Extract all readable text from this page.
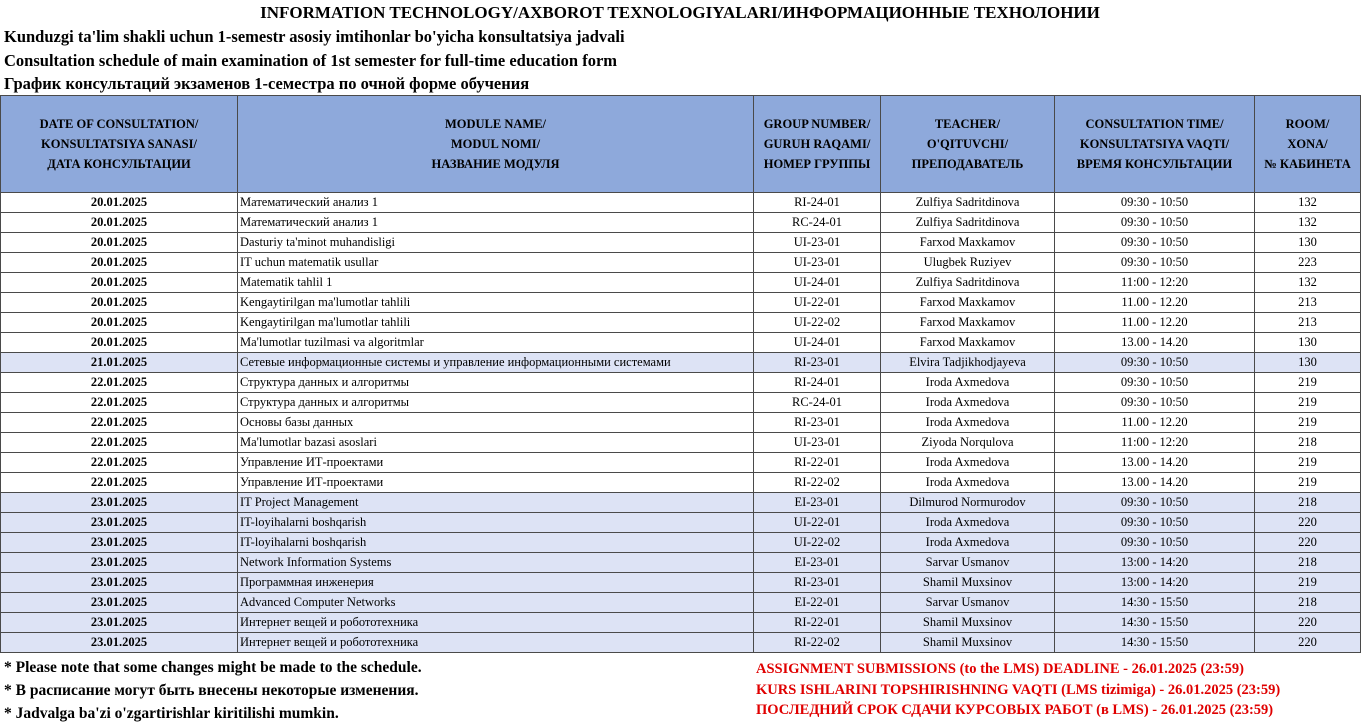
INFORMATION TECHNOLOGY/AXBOROT TEXNOLOGIYALARI/ИНФОРМАЦИОННЫЕ ТЕХНОЛОНИИ
Kunduzgi ta'lim shakli uchun 1-semestr asosiy imtihonlar bo'yicha konsultatsiya jadvali
Consultation schedule of main examination of 1st semester for full-time education form
График консультаций экзаменов 1-семестра по очной форме обучения
DATE OF CONSULTATION/
KONSULTATSIYA SANASI/
ДАТА КОНСУЛЬТАЦИИ	MODULE NAME/
MODUL NOMI/
НАЗВАНИЕ МОДУЛЯ	GROUP NUMBER/
GURUH RAQAMI/
НОМЕР ГРУППЫ	TEACHER/
O'QITUVCHI/
ПРЕПОДАВАТЕЛЬ	CONSULTATION TIME/
KONSULTATSIYA VAQTI/
ВРЕМЯ КОНСУЛЬТАЦИИ	ROOM/
XONA/
№ КАБИНЕТА

20.01.2025	Математический анализ 1	RI-24-01	Zulfiya Sadritdinova	09:30 - 10:50	132
20.01.2025	Математический анализ 1	RC-24-01	Zulfiya Sadritdinova	09:30 - 10:50	132
20.01.2025	Dasturiy ta'minot muhandisligi	UI-23-01	Farxod Maxkamov	09:30 - 10:50	130
20.01.2025	IT uchun matematik usullar	UI-23-01	Ulugbek Ruziyev	09:30 - 10:50	223
20.01.2025	Matematik tahlil 1	UI-24-01	Zulfiya Sadritdinova	11:00 - 12:20	132
20.01.2025	Kengaytirilgan ma'lumotlar tahlili	UI-22-01	Farxod Maxkamov	11.00 - 12.20	213
20.01.2025	Kengaytirilgan ma'lumotlar tahlili	UI-22-02	Farxod Maxkamov	11.00 - 12.20	213
20.01.2025	Ma'lumotlar tuzilmasi va algoritmlar	UI-24-01	Farxod Maxkamov	13.00 - 14.20	130
21.01.2025	Сетевые информационные системы и управление информационными системами	RI-23-01	Elvira Tadjikhodjayeva	09:30 - 10:50	130
22.01.2025	Структура данных и алгоритмы	RI-24-01	Iroda Axmedova	09:30 - 10:50	219
22.01.2025	Структура данных и алгоритмы	RC-24-01	Iroda Axmedova	09:30 - 10:50	219
22.01.2025	Основы базы данных	RI-23-01	Iroda Axmedova	11.00 - 12.20	219
22.01.2025	Ma'lumotlar bazasi asoslari	UI-23-01	Ziyoda Norqulova	11:00 - 12:20	218
22.01.2025	Управление ИТ-проектами	RI-22-01	Iroda Axmedova	13.00 - 14.20	219
22.01.2025	Управление ИТ-проектами	RI-22-02	Iroda Axmedova	13.00 - 14.20	219
23.01.2025	IT Project Management	EI-23-01	Dilmurod Normurodov	09:30 - 10:50	218
23.01.2025	IT-loyihalarni boshqarish	UI-22-01	Iroda Axmedova	09:30 - 10:50	220
23.01.2025	IT-loyihalarni boshqarish	UI-22-02	Iroda Axmedova	09:30 - 10:50	220
23.01.2025	Network Information Systems	EI-23-01	Sarvar Usmanov	13:00 - 14:20	218
23.01.2025	Программная инженерия	RI-23-01	Shamil Muxsinov	13:00 - 14:20	219
23.01.2025	Advanced Computer Networks	EI-22-01	Sarvar Usmanov	14:30 - 15:50	218
23.01.2025	Интернет вещей и робототехника	RI-22-01	Shamil Muxsinov	14:30 - 15:50	220
23.01.2025	Интернет вещей и робототехника	RI-22-02	Shamil Muxsinov	14:30 - 15:50	220
* Please note that some changes might be made to the schedule.
* В расписание могут быть внесены некоторые изменения.
* Jadvalga ba'zi o'zgartirishlar kiritilishi mumkin.
ASSIGNMENT SUBMISSIONS (to the LMS) DEADLINE - 26.01.2025 (23:59)
KURS ISHLARINI TOPSHIRISHNING VAQTI (LMS tizimiga) - 26.01.2025 (23:59)
ПОСЛЕДНИЙ СРОК СДАЧИ КУРСОВЫХ РАБОТ (в LMS) - 26.01.2025 (23:59)
